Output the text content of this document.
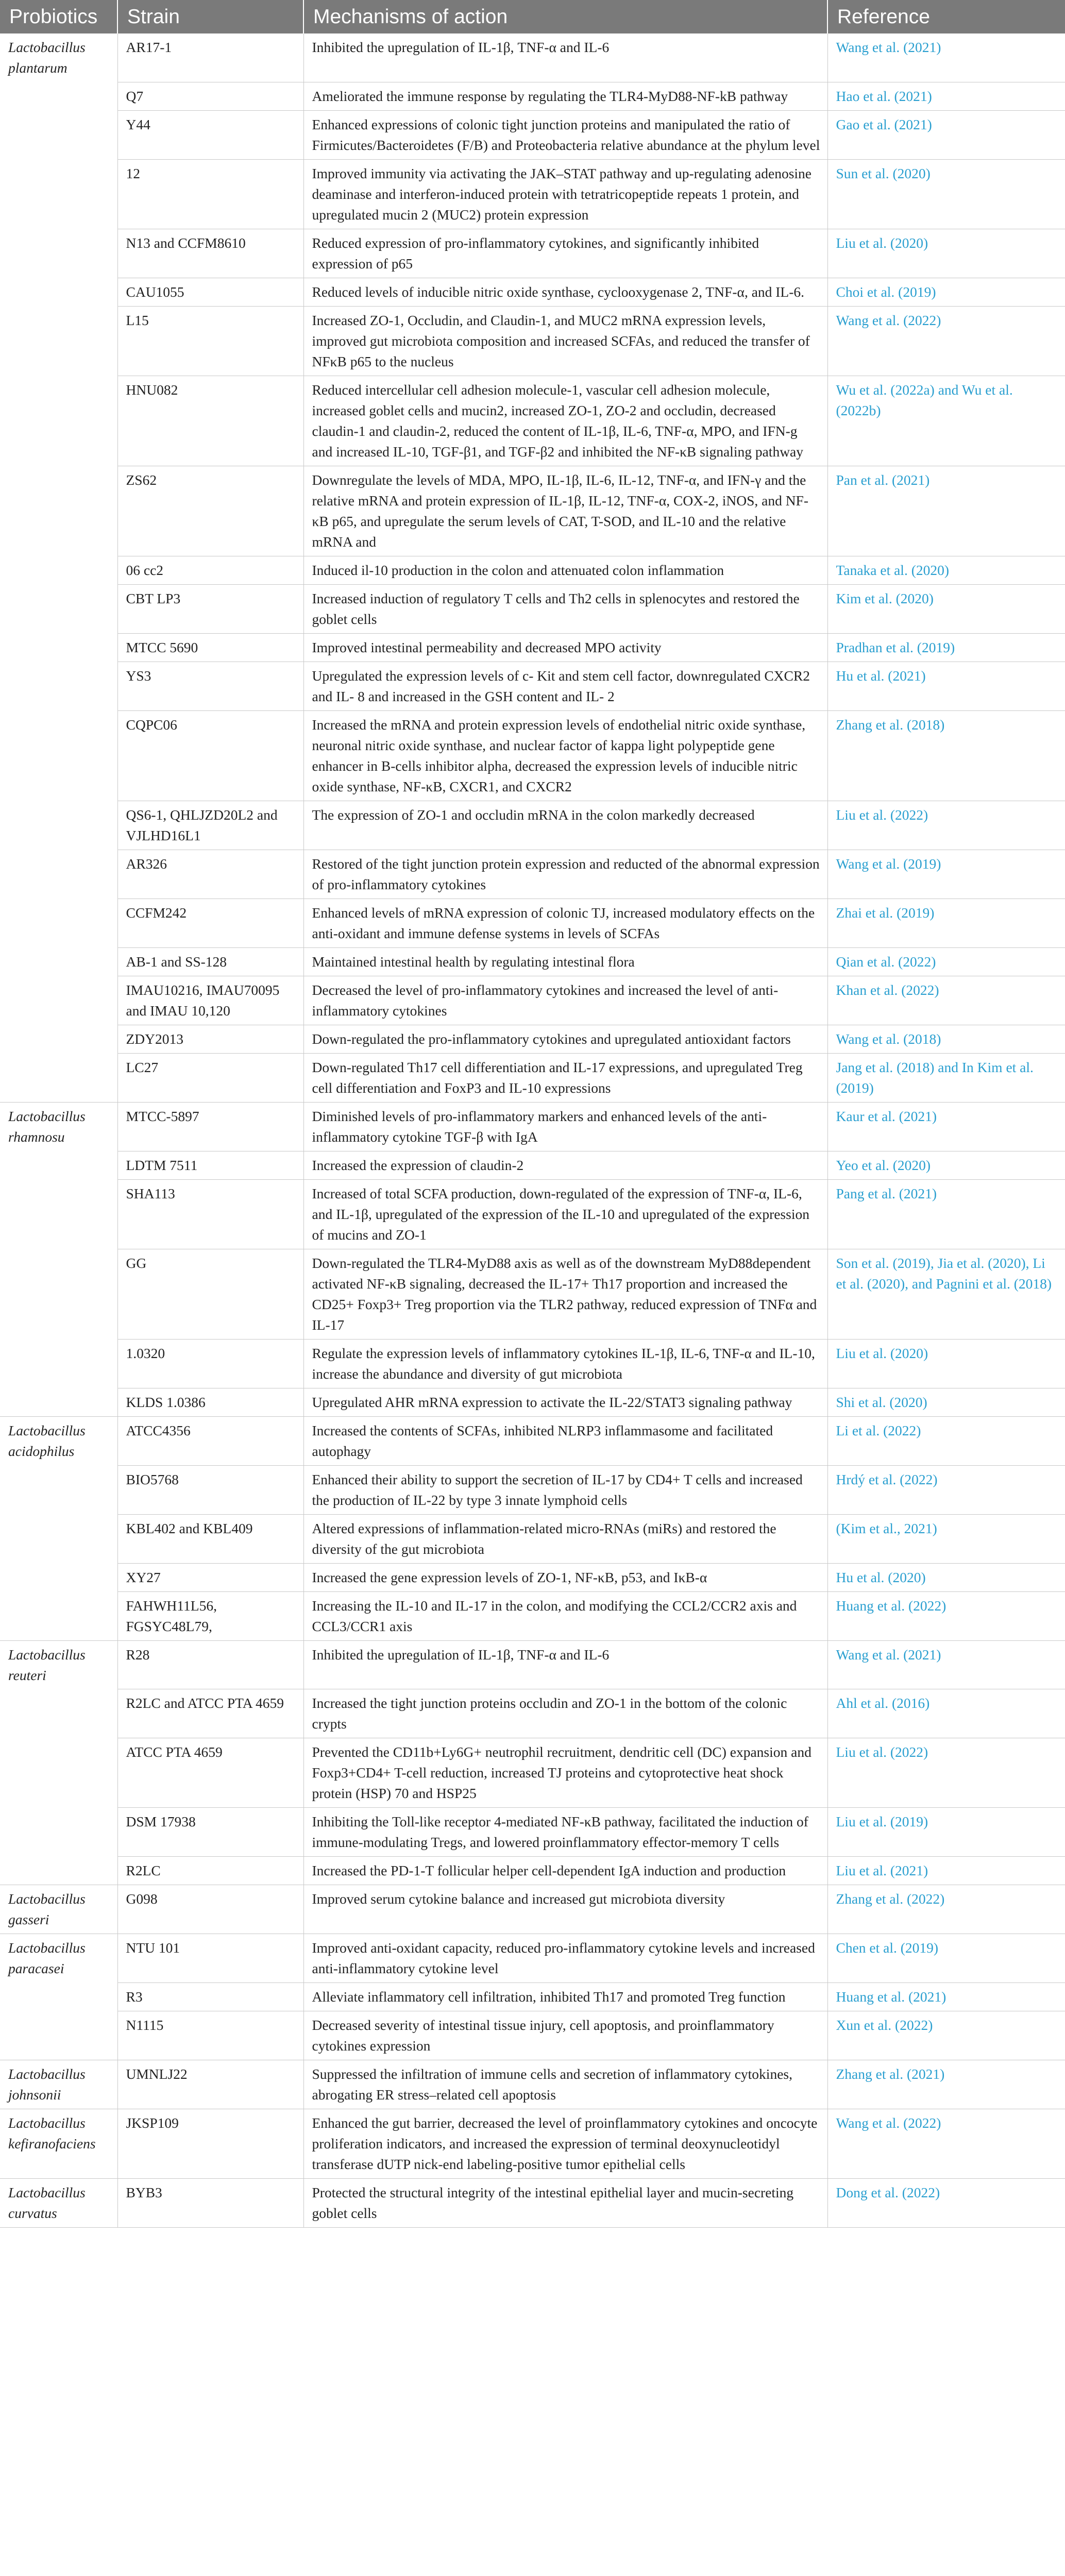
Probiotics	Strain	Mechanisms of action	Reference
Lactobacillus plantarum	AR17-1	Inhibited the upregulation of IL-1β, TNF-α and IL-6	Wang et al. (2021)
	Q7	Ameliorated the immune response by regulating the TLR4-MyD88-NF-kB pathway	Hao et al. (2021)
	Y44	Enhanced expressions of colonic tight junction proteins and manipulated the ratio of Firmicutes/Bacteroidetes (F/B) and Proteobacteria relative abundance at the phylum level	Gao et al. (2021)
	12	Improved immunity via activating the JAK–STAT pathway and up-regulating adenosine deaminase and interferon-induced protein with tetratricopeptide repeats 1 protein, and upregulated mucin 2 (MUC2) protein expression	Sun et al. (2020)
	N13 and CCFM8610	Reduced expression of pro-inflammatory cytokines, and significantly inhibited expression of p65	Liu et al. (2020)
	CAU1055	Reduced levels of inducible nitric oxide synthase, cyclooxygenase 2, TNF-α, and IL-6.	Choi et al. (2019)
	L15	Increased ZO-1, Occludin, and Claudin-1, and MUC2 mRNA expression levels, improved gut microbiota composition and increased SCFAs, and reduced the transfer of NFκB p65 to the nucleus	Wang et al. (2022)
	HNU082	Reduced intercellular cell adhesion molecule-1, vascular cell adhesion molecule, increased goblet cells and mucin2, increased ZO-1, ZO-2 and occludin, decreased claudin-1 and claudin-2, reduced the content of IL-1β, IL-6, TNF-α, MPO, and IFN-g and increased IL-10, TGF-β1, and TGF-β2 and inhibited the NF-κB signaling pathway	Wu et al. (2022a) and Wu et al. (2022b)
	ZS62	Downregulate the levels of MDA, MPO, IL-1β, IL-6, IL-12, TNF-α, and IFN-γ and the relative mRNA and protein expression of IL-1β, IL-12, TNF-α, COX-2, iNOS, and NF-κB p65, and upregulate the serum levels of CAT, T-SOD, and IL-10 and the relative mRNA and	Pan et al. (2021)
	06 cc2	Induced il-10 production in the colon and attenuated colon inflammation	Tanaka et al. (2020)
	CBT LP3	Increased induction of regulatory T cells and Th2 cells in splenocytes and restored the goblet cells	Kim et al. (2020)
	MTCC 5690	Improved intestinal permeability and decreased MPO activity	Pradhan et al. (2019)
	YS3	Upregulated the expression levels of c- Kit and stem cell factor, downregulated CXCR2 and IL- 8 and increased in the GSH content and IL- 2	Hu et al. (2021)
	CQPC06	Increased the mRNA and protein expression levels of endothelial nitric oxide synthase, neuronal nitric oxide synthase, and nuclear factor of kappa light polypeptide gene enhancer in B-cells inhibitor alpha, decreased the expression levels of inducible nitric oxide synthase, NF-κB, CXCR1, and CXCR2	Zhang et al. (2018)
	QS6-1, QHLJZD20L2 and VJLHD16L1	The expression of ZO-1 and occludin mRNA in the colon markedly decreased	Liu et al. (2022)
	AR326	Restored of the tight junction protein expression and reducted of the abnormal expression of pro-inflammatory cytokines	Wang et al. (2019)
	CCFM242	Enhanced levels of mRNA expression of colonic TJ, increased modulatory effects on the anti-oxidant and immune defense systems in levels of SCFAs	Zhai et al. (2019)
	AB-1 and SS-128	Maintained intestinal health by regulating intestinal flora	Qian et al. (2022)
	IMAU10216, IMAU70095 and IMAU 10,120	Decreased the level of pro-inflammatory cytokines and increased the level of anti-inflammatory cytokines	Khan et al. (2022)
	ZDY2013	Down-regulated the pro-inflammatory cytokines and upregulated antioxidant factors	Wang et al. (2018)
	LC27	Down-regulated Th17 cell differentiation and IL-17 expressions, and upregulated Treg cell differentiation and FoxP3 and IL-10 expressions	Jang et al. (2018) and In Kim et al. (2019)
Lactobacillus rhamnosu	MTCC-5897	Diminished levels of pro-inflammatory markers and enhanced levels of the anti-inflammatory cytokine TGF-β with IgA	Kaur et al. (2021)
	LDTM 7511	Increased the expression of claudin-2	Yeo et al. (2020)
	SHA113	Increased of total SCFA production, down-regulated of the expression of TNF-α, IL-6, and IL-1β, upregulated of the expression of the IL-10 and upregulated of the expression of mucins and ZO-1	Pang et al. (2021)
	GG	Down-regulated the TLR4-MyD88 axis as well as of the downstream MyD88dependent activated NF-κB signaling, decreased the IL-17+ Th17 proportion and increased the CD25+ Foxp3+ Treg proportion via the TLR2 pathway, reduced expression of TNFα and IL-17	Son et al. (2019), Jia et al. (2020), Li et al. (2020), and Pagnini et al. (2018)
	1.0320	Regulate the expression levels of inflammatory cytokines IL-1β, IL-6, TNF-α and IL-10, increase the abundance and diversity of gut microbiota	Liu et al. (2020)
	KLDS 1.0386	Upregulated AHR mRNA expression to activate the IL-22/STAT3 signaling pathway	Shi et al. (2020)
Lactobacillus acidophilus	ATCC4356	Increased the contents of SCFAs, inhibited NLRP3 inflammasome and facilitated autophagy	Li et al. (2022)
	BIO5768	Enhanced their ability to support the secretion of IL-17 by CD4+ T cells and increased the production of IL-22 by type 3 innate lymphoid cells	Hrdý et al. (2022)
	KBL402 and KBL409	Altered expressions of inflammation-related micro-RNAs (miRs) and restored the diversity of the gut microbiota	(Kim et al., 2021)
	XY27	Increased the gene expression levels of ZO-1, NF-κB, p53, and IκB-α	Hu et al. (2020)
	FAHWH11L56, FGSYC48L79,	Increasing the IL-10 and IL-17 in the colon, and modifying the CCL2/CCR2 axis and CCL3/CCR1 axis	Huang et al. (2022)
Lactobacillus reuteri	R28	Inhibited the upregulation of IL-1β, TNF-α and IL-6	Wang et al. (2021)
	R2LC and ATCC PTA 4659	Increased the tight junction proteins occludin and ZO-1 in the bottom of the colonic crypts	Ahl et al. (2016)
	ATCC PTA 4659	Prevented the CD11b+Ly6G+ neutrophil recruitment, dendritic cell (DC) expansion and Foxp3+CD4+ T-cell reduction, increased TJ proteins and cytoprotective heat shock protein (HSP) 70 and HSP25	Liu et al. (2022)
	DSM 17938	Inhibiting the Toll-like receptor 4-mediated NF-κB pathway, facilitated the induction of immune-modulating Tregs, and lowered proinflammatory effector-memory T cells	Liu et al. (2019)
	R2LC	Increased the PD-1-T follicular helper cell-dependent IgA induction and production	Liu et al. (2021)
Lactobacillus gasseri	G098	Improved serum cytokine balance and increased gut microbiota diversity	Zhang et al. (2022)
Lactobacillus paracasei	NTU 101	Improved anti-oxidant capacity, reduced pro-inflammatory cytokine levels and increased anti-inflammatory cytokine level	Chen et al. (2019)
	R3	Alleviate inflammatory cell infiltration, inhibited Th17 and promoted Treg function	Huang et al. (2021)
	N1115	Decreased severity of intestinal tissue injury, cell apoptosis, and proinflammatory cytokines expression	Xun et al. (2022)
Lactobacillus johnsonii	UMNLJ22	Suppressed the infiltration of immune cells and secretion of inflammatory cytokines, abrogating ER stress–related cell apoptosis	Zhang et al. (2021)
Lactobacillus kefiranofaciens	JKSP109	Enhanced the gut barrier, decreased the level of proinflammatory cytokines and oncocyte proliferation indicators, and increased the expression of terminal deoxynucleotidyl transferase dUTP nick-end labeling-positive tumor epithelial cells	Wang et al. (2022)
Lactobacillus curvatus	BYB3	Protected the structural integrity of the intestinal epithelial layer and mucin-secreting goblet cells	Dong et al. (2022)
